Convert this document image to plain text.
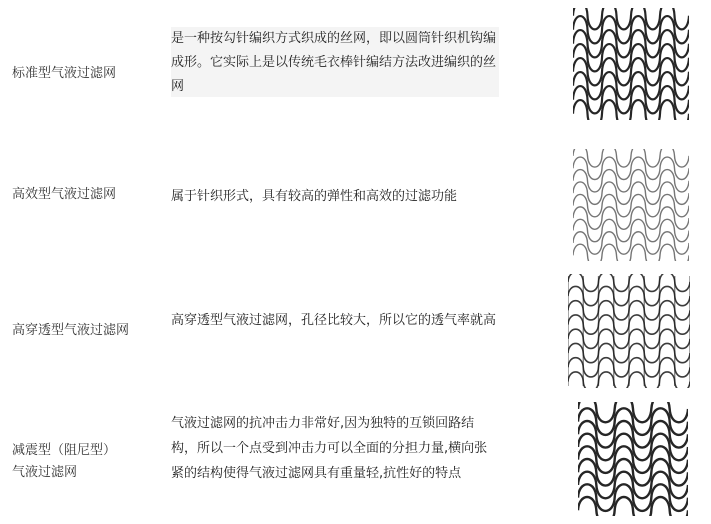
标准型气液过滤网
是一种按勾针编织方式织成的丝网，即以圆筒针织机钩编成形。它实际上是以传统毛衣棒针编结方法改进编织的丝网
高效型气液过滤网	属于针织形式，具有较高的弹性和高效的过滤功能
高穿透型气液过滤网
高穿透型气液过滤网，孔径比较大，所以它的透气率就高
减震型（阻尼型）
气液过滤网
气液过滤网的抗冲击力非常好,因为独特的互锁回路结构，所以一个点受到冲击力可以全面的分担力量,横向张紧的结构使得气液过滤网具有重量轻,抗性好的特点
